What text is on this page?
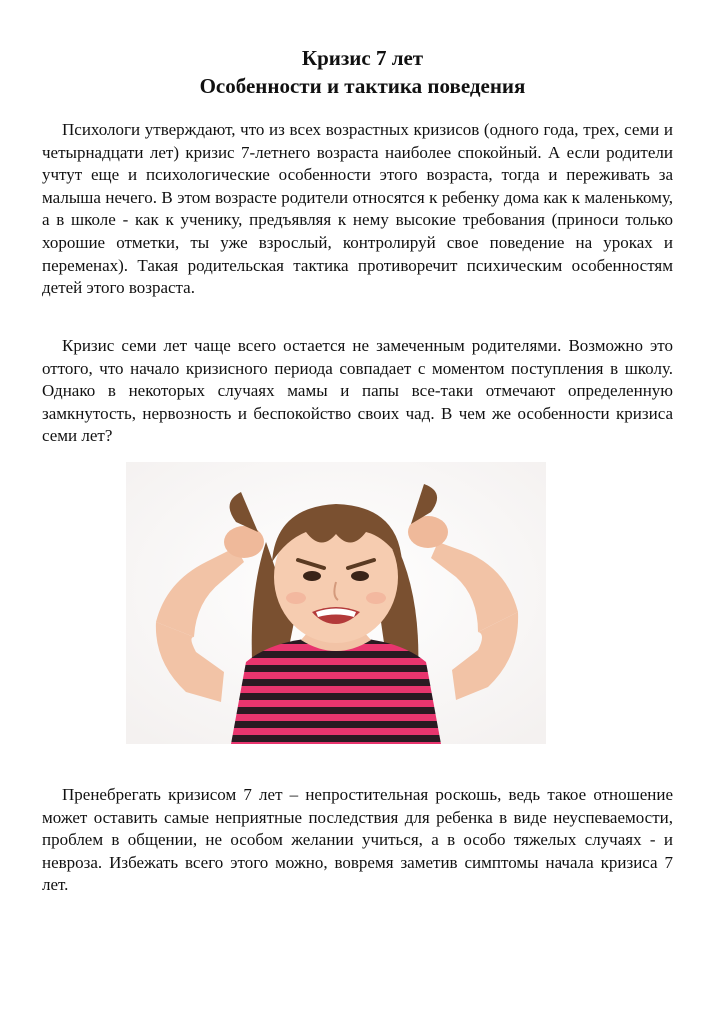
Кризис 7 лет
Особенности и тактика поведения
Психологи утверждают, что из всех возрастных кризисов (одного года, трех, семи и четырнадцати лет) кризис 7-летнего возраста наиболее спокойный. А если родители учтут еще и психологические особенности этого возраста, тогда и переживать за малыша нечего. В этом возрасте родители относятся к ребенку дома как к маленькому, а в школе - как к ученику, предъявляя к нему высокие требования (приноси только хорошие отметки, ты уже взрослый, контролируй свое поведение на уроках и переменах). Такая родительская тактика противоречит психическим особенностям детей этого возраста.
Кризис семи лет чаще всего остается не замеченным родителями. Возможно это оттого, что начало кризисного периода совпадает с моментом поступления в школу. Однако в некоторых случаях мамы и папы все-таки отмечают определенную замкнутость, нервозность и беспокойство своих чад. В чем же особенности кризиса семи лет?
Пренебрегать кризисом 7 лет – непростительная роскошь, ведь такое отношение может оставить самые неприятные последствия для ребенка в виде неуспеваемости, проблем в общении, не особом желании учиться, а в особо тяжелых случаях - и невроза. Избежать всего этого можно, вовремя заметив симптомы начала кризиса 7 лет.
